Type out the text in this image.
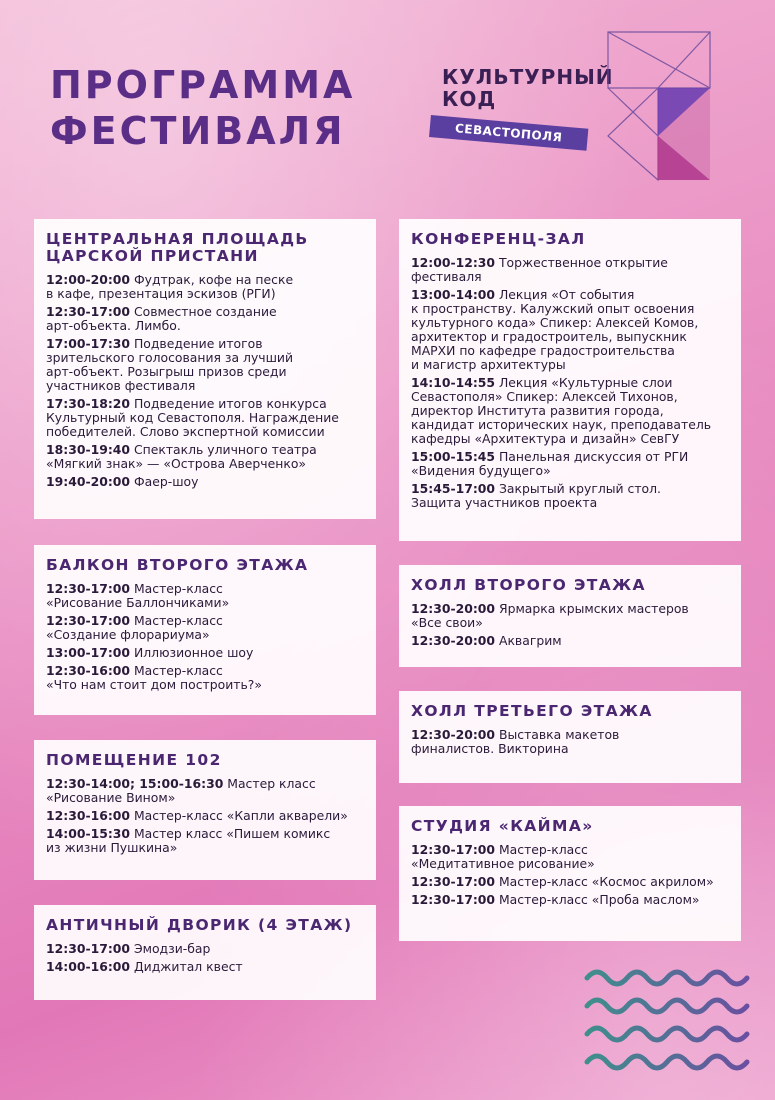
ПРОГРАММА
ФЕСТИВАЛЯ
КУЛЬТУРНЫЙ
КОД
СЕВАСТОПОЛЯ
ЦЕНТРАЛЬНАЯ ПЛОЩАДЬ
ЦАРСКОЙ ПРИСТАНИ
12:00-20:00 Фудтрак, кофе на песке
в кафе, презентация эскизов (РГИ)
12:30-17:00 Совместное создание
арт-объекта. Лимбо.
17:00-17:30 Подведение итогов
зрительского голосования за лучший
арт-объект. Розыгрыш призов среди
участников фестиваля
17:30-18:20 Подведение итогов конкурса
Культурный код Севастополя. Награждение
победителей. Слово экспертной комиссии
18:30-19:40 Спектакль уличного театра
«Мягкий знак» — «Острова Аверченко»
19:40-20:00 Фаер-шоу
БАЛКОН ВТОРОГО ЭТАЖА
12:30-17:00 Мастер-класс
«Рисование Баллончиками»
12:30-17:00 Мастер-класс
«Создание флорариума»
13:00-17:00 Иллюзионное шоу
12:30-16:00 Мастер-класс
«Что нам стоит дом построить?»
ПОМЕЩЕНИЕ 102
12:30-14:00; 15:00-16:30 Мастер класс
«Рисование Вином»
12:30-16:00 Мастер-класс «Капли акварели»
14:00-15:30 Мастер класс «Пишем комикс
из жизни Пушкина»
АНТИЧНЫЙ ДВОРИК (4 ЭТАЖ)
12:30-17:00 Эмодзи-бар
14:00-16:00 Диджитал квест
КОНФЕРЕНЦ-ЗАЛ
12:00-12:30 Торжественное открытие
фестиваля
13:00-14:00 Лекция «От события
к пространству. Калужский опыт освоения
культурного кода» Спикер: Алексей Комов,
архитектор и градостроитель, выпускник
МАРХИ по кафедре градостроительства
и магистр архитектуры
14:10-14:55 Лекция «Культурные слои
Севастополя» Спикер: Алексей Тихонов,
директор Института развития города,
кандидат исторических наук, преподаватель
кафедры «Архитектура и дизайн» СевГУ
15:00-15:45 Панельная дискуссия от РГИ
«Видения будущего»
15:45-17:00 Закрытый круглый стол.
Защита участников проекта
ХОЛЛ ВТОРОГО ЭТАЖА
12:30-20:00 Ярмарка крымских мастеров
«Все свои»
12:30-20:00 Аквагрим
ХОЛЛ ТРЕТЬЕГО ЭТАЖА
12:30-20:00 Выставка макетов
финалистов. Викторина
СТУДИЯ «КАЙМА»
12:30-17:00 Мастер-класс
«Медитативное рисование»
12:30-17:00 Мастер-класс «Космос акрилом»
12:30-17:00 Мастер-класс «Проба маслом»
